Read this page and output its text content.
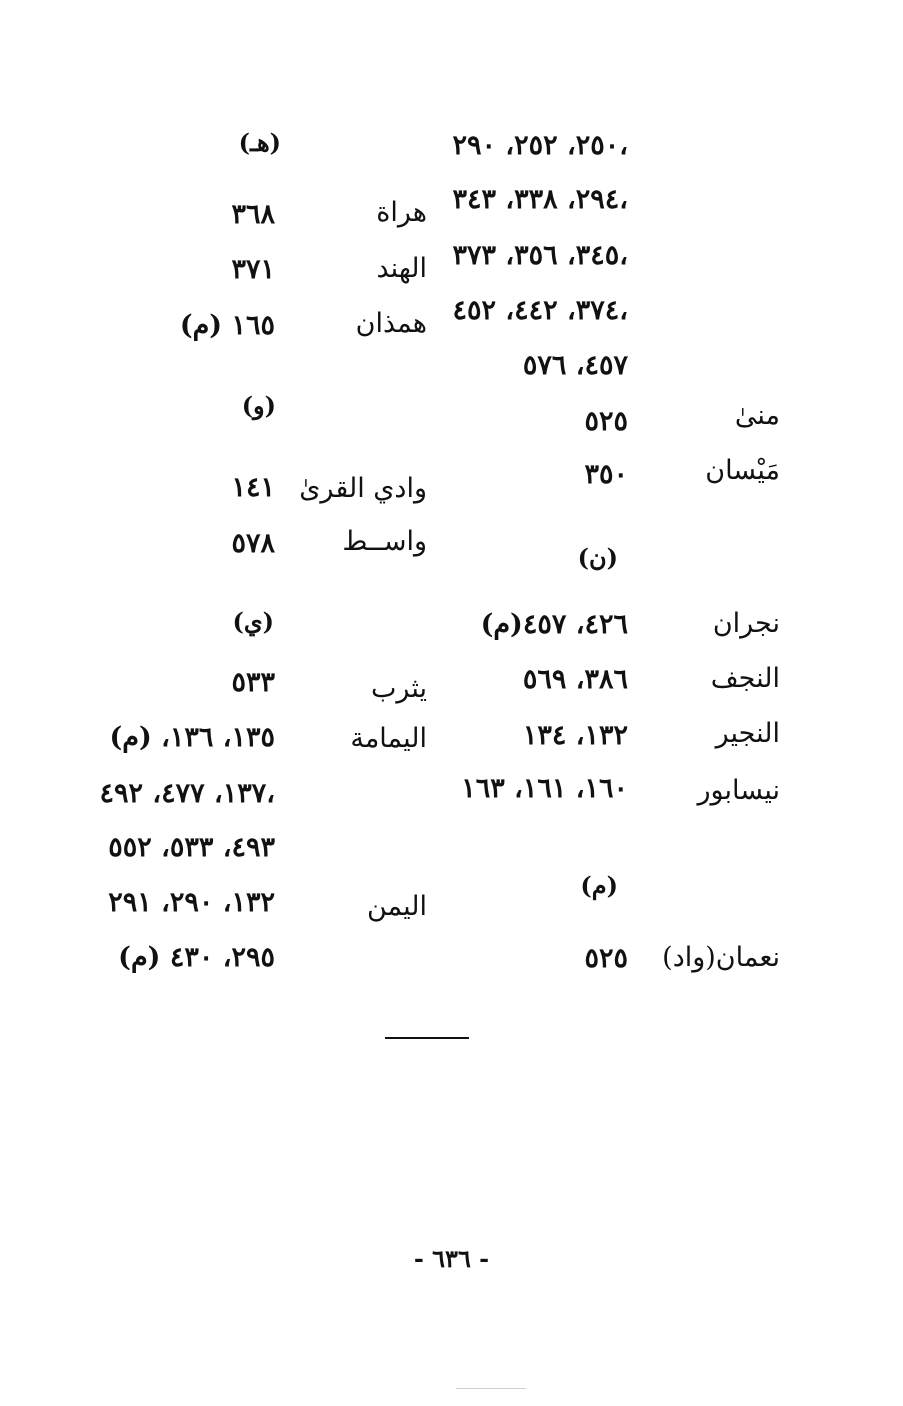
٢٥٠، ٢٥٢، ٢٩٠،
٢٩٤، ٣٣٨، ٣٤٣،
٣٤٥، ٣٥٦، ٣٧٣،
٣٧٤، ٤٤٢، ٤٥٢،
٤٥٧، ٥٧٦
منىٰ
٥٢٥
مَيْسان
٣٥٠
(ن)
نجران
٤٢٦، ٤٥٧(م)
النجف
٣٨٦، ٥٦٩
النجير
١٣٢، ١٣٤
نيسابور
١٦٠، ١٦١، ١٦٣
(م)
نعمان(واد)
٥٢٥
(هـ)
هراة
٣٦٨
الهند
٣٧١
همذان
١٦٥ (م)
(و)
وادي القرىٰ
١٤١
واســط
٥٧٨
(ي)
يثرب
٥٣٣
اليمامة
١٣٥، ١٣٦، (م)
١٣٧، ٤٧٧، ٤٩٢،
٤٩٣، ٥٣٣، ٥٥٢
اليمن
١٣٢، ٢٩٠، ٢٩١
٢٩٥، ٤٣٠ (م)
- ٦٣٦ -
